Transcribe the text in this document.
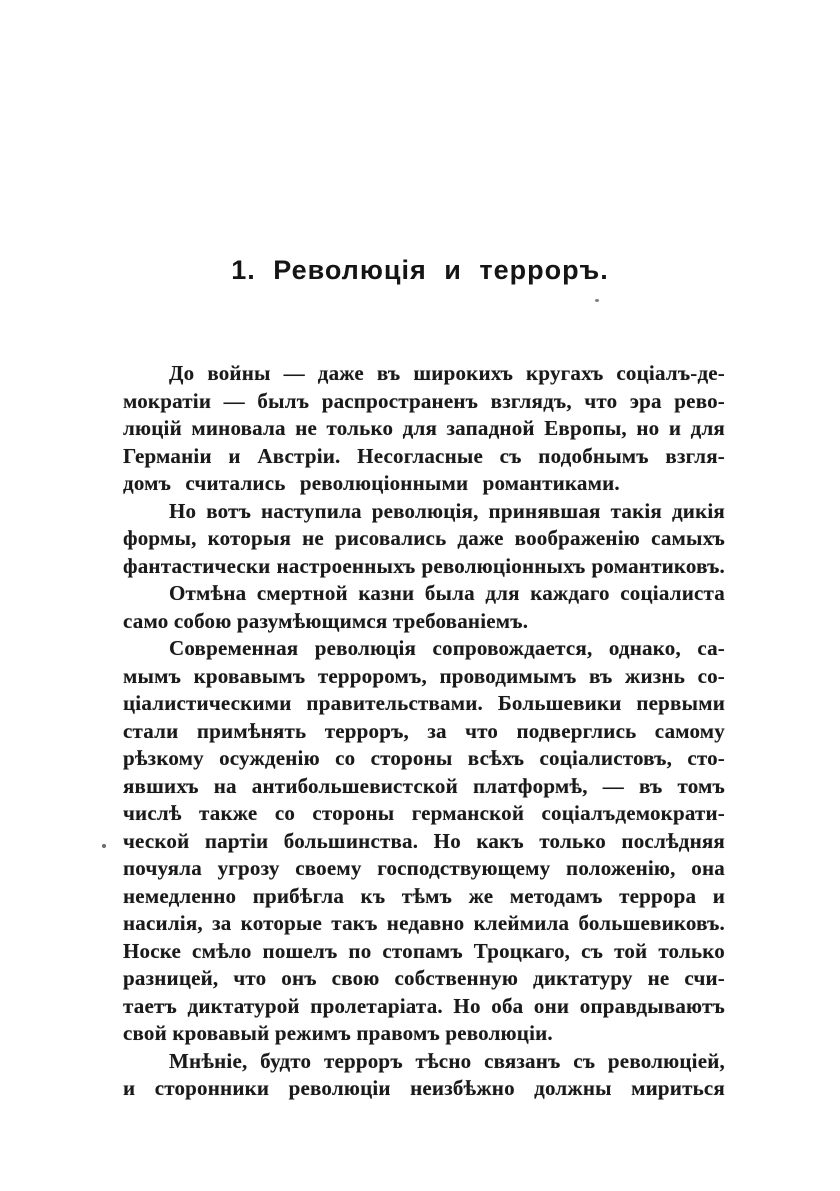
1. Революція и терроръ.
До войны — даже въ широкихъ кругахъ соціалъ-де-
мократіи — былъ распространенъ взглядъ, что эра рево-
люцій миновала не только для западной Европы, но и для
Германіи и Австріи. Несогласные съ подобнымъ взгля-
домъ считались революціонными романтиками.
Но вотъ наступила революція, принявшая такія дикія
формы, которыя не рисовались даже воображенію самыхъ
фантастически настроенныхъ революціонныхъ романтиковъ.
Отмѣна смертной казни была для каждаго соціалиста
само собою разумѣющимся требованіемъ.
Современная революція сопровождается, однако, са-
мымъ кровавымъ терроромъ, проводимымъ въ жизнь со-
ціалистическими правительствами. Большевики первыми
стали примѣнять терроръ, за что подверглись самому
рѣзкому осужденію со стороны всѣхъ соціалистовъ, сто-
явшихъ на антибольшевистской платформѣ, — въ томъ
числѣ также со стороны германской соціалъдемократи-
ческой партіи большинства. Но какъ только послѣдняя
почуяла угрозу своему господствующему положенію, она
немедленно прибѣгла къ тѣмъ же методамъ террора и
насилія, за которые такъ недавно клеймила большевиковъ.
Носке смѣло пошелъ по стопамъ Троцкаго, съ той только
разницей, что онъ свою собственную диктатуру не счи-
таетъ диктатурой пролетаріата. Но оба они оправдываютъ
свой кровавый режимъ правомъ революціи.
Мнѣніе, будто терроръ тѣсно связанъ съ революціей,
и сторонники революціи неизбѣжно должны мириться
